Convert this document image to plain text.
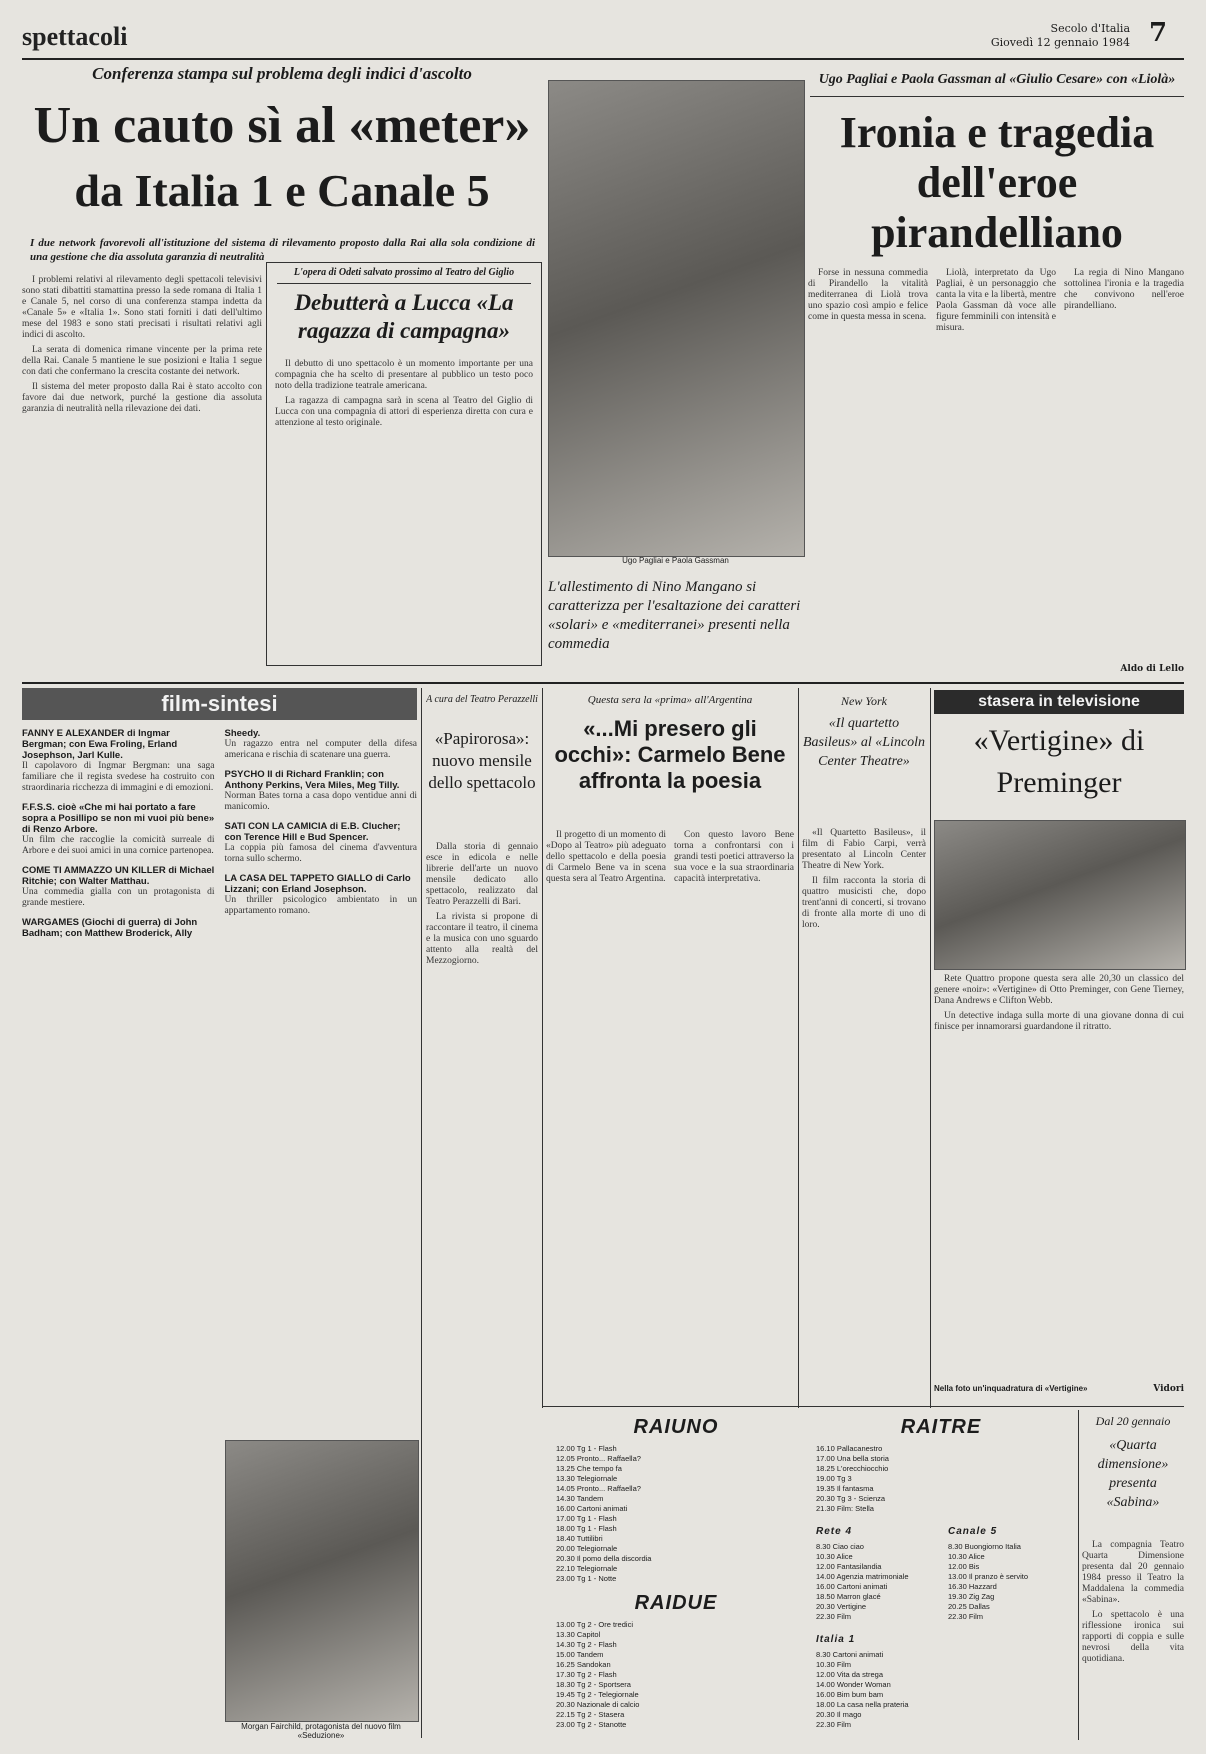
spettacoli	Secolo d'Italia
Giovedì 12 gennaio 1984 7
Conferenza stampa sul problema degli indici d'ascolto
Un cauto sì al «meter»
da Italia 1 e Canale 5
I due network favorevoli all'istituzione del sistema di rilevamento proposto dalla Rai alla sola condizione di una gestione che dia assoluta garanzia di neutralità

I problemi relativi al rilevamento degli spettacoli televisivi sono stati dibattiti stamattina presso la sede romana di Italia 1 e Canale 5, nel corso di una conferenza stampa indetta da «Canale 5» e «Italia 1». Sono stati forniti i dati dell'ultimo mese del 1983 e sono stati precisati i risultati relativi agli indici di ascolto.

La serata di domenica rimane vincente per la prima rete della Rai. Canale 5 mantiene le sue posizioni e Italia 1 segue con dati che confermano la crescita costante dei network.

Il sistema del meter proposto dalla Rai è stato accolto con favore dai due network, purché la gestione dia assoluta garanzia di neutralità nella rilevazione dei dati.

L'opera di Odeti salvato prossimo al Teatro del Giglio
Debutterà a Lucca «La ragazza di campagna»

Il debutto di uno spettacolo è un momento importante per una compagnia che ha scelto di presentare al pubblico un testo poco noto della tradizione teatrale americana.

La ragazza di campagna sarà in scena al Teatro del Giglio di Lucca con una compagnia di attori di esperienza diretta con cura e attenzione al testo originale.

Ugo Pagliai e Paola Gassman
Ugo Pagliai e Paola Gassman al «Giulio Cesare» con «Liolà»
Ironia e tragedia dell'eroe pirandelliano
L'allestimento di Nino Mangano si caratterizza per l'esaltazione dei caratteri «solari» e «mediterranei» presenti nella commedia

Forse in nessuna commedia di Pirandello la vitalità mediterranea di Liolà trova uno spazio così ampio e felice come in questa messa in scena.

Liolà, interpretato da Ugo Pagliai, è un personaggio che canta la vita e la libertà, mentre Paola Gassman dà voce alle figure femminili con intensità e misura.

La regia di Nino Mangano sottolinea l'ironia e la tragedia che convivono nell'eroe pirandelliano.

Aldo di Lello
film-sintesi
FANNY E ALEXANDER di Ingmar Bergman; con Ewa Froling, Erland Josephson, Jarl Kulle.
Il capolavoro di Ingmar Bergman: una saga familiare che il regista svedese ha costruito con straordinaria ricchezza di immagini e di emozioni.
F.F.S.S. cioè «Che mi hai portato a fare sopra a Posillipo se non mi vuoi più bene» di Renzo Arbore.
Un film che raccoglie la comicità surreale di Arbore e dei suoi amici in una cornice partenopea.
COME TI AMMAZZO UN KILLER di Michael Ritchie; con Walter Matthau.
Una commedia gialla con un protagonista di grande mestiere.
WARGAMES (Giochi di guerra) di John Badham; con Matthew Broderick, Ally Sheedy.
Un ragazzo entra nel computer della difesa americana e rischia di scatenare una guerra.
PSYCHO II di Richard Franklin; con Anthony Perkins, Vera Miles, Meg Tilly.
Norman Bates torna a casa dopo ventidue anni di manicomio.
SATI CON LA CAMICIA di E.B. Clucher; con Terence Hill e Bud Spencer.
La coppia più famosa del cinema d'avventura torna sullo schermo.
LA CASA DEL TAPPETO GIALLO di Carlo Lizzani; con Erland Josephson.
Un thriller psicologico ambientato in un appartamento romano.
Morgan Fairchild, protagonista del nuovo film «Seduzione»
A cura del Teatro Perazzelli
«Papirorosa»: nuovo mensile dello spettacolo

Dalla storia di gennaio esce in edicola e nelle librerie dell'arte un nuovo mensile dedicato allo spettacolo, realizzato dal Teatro Perazzelli di Bari.

La rivista si propone di raccontare il teatro, il cinema e la musica con uno sguardo attento alla realtà del Mezzogiorno.

Questa sera la «prima» all'Argentina
«...Mi presero gli occhi»: Carmelo Bene affronta la poesia

Il progetto di un momento di «Dopo al Teatro» più adeguato dello spettacolo e della poesia di Carmelo Bene va in scena questa sera al Teatro Argentina.

Con questo lavoro Bene torna a confrontarsi con i grandi testi poetici attraverso la sua voce e la sua straordinaria capacità interpretativa.

New York
«Il quartetto Basileus» al «Lincoln Center Theatre»

«Il Quartetto Basileus», il film di Fabio Carpi, verrà presentato al Lincoln Center Theatre di New York.

Il film racconta la storia di quattro musicisti che, dopo trent'anni di concerti, si trovano di fronte alla morte di uno di loro.

stasera in televisione
«Vertigine» di Preminger

Rete Quattro propone questa sera alle 20,30 un classico del genere «noir»: «Vertigine» di Otto Preminger, con Gene Tierney, Dana Andrews e Clifton Webb.

Un detective indaga sulla morte di una giovane donna di cui finisce per innamorarsi guardandone il ritratto.

Nella foto un'inquadratura di «Vertigine»	Vidori
RAIUNO
12.00 Tg 1 - Flash
12.05 Pronto... Raffaella?
13.25 Che tempo fa
13.30 Telegiornale
14.05 Pronto... Raffaella?
14.30 Tandem
16.00 Cartoni animati
17.00 Tg 1 - Flash
18.00 Tg 1 - Flash
18.40 Tuttilibri
20.00 Telegiornale
20.30 Il pomo della discordia
22.10 Telegiornale
23.00 Tg 1 - Notte
RAIDUE
13.00 Tg 2 - Ore tredici
13.30 Capitol
14.30 Tg 2 - Flash
15.00 Tandem
16.25 Sandokan
17.30 Tg 2 - Flash
18.30 Tg 2 - Sportsera
19.45 Tg 2 - Telegiornale
20.30 Nazionale di calcio
22.15 Tg 2 - Stasera
23.00 Tg 2 - Stanotte
RAITRE
16.10 Pallacanestro
17.00 Una bella storia
18.25 L'orecchiocchio
19.00 Tg 3
19.35 Il fantasma
20.30 Tg 3 - Scienza
21.30 Film: Stella
Rete 4
8.30 Ciao ciao
10.30 Alice
12.00 Fantasilandia
14.00 Agenzia matrimoniale
16.00 Cartoni animati
18.50 Marron glacé
20.30 Vertigine
22.30 Film
Italia 1
8.30 Cartoni animati
10.30 Film
12.00 Vita da strega
14.00 Wonder Woman
16.00 Bim bum bam
18.00 La casa nella prateria
20.30 Il mago
22.30 Film
Canale 5
8.30 Buongiorno Italia
10.30 Alice
12.00 Bis
13.00 Il pranzo è servito
16.30 Hazzard
19.30 Zig Zag
20.25 Dallas
22.30 Film
Dal 20 gennaio
«Quarta dimensione» presenta «Sabina»

La compagnia Teatro Quarta Dimensione presenta dal 20 gennaio 1984 presso il Teatro la Maddalena la commedia «Sabina».

Lo spettacolo è una riflessione ironica sui rapporti di coppia e sulle nevrosi della vita quotidiana.
